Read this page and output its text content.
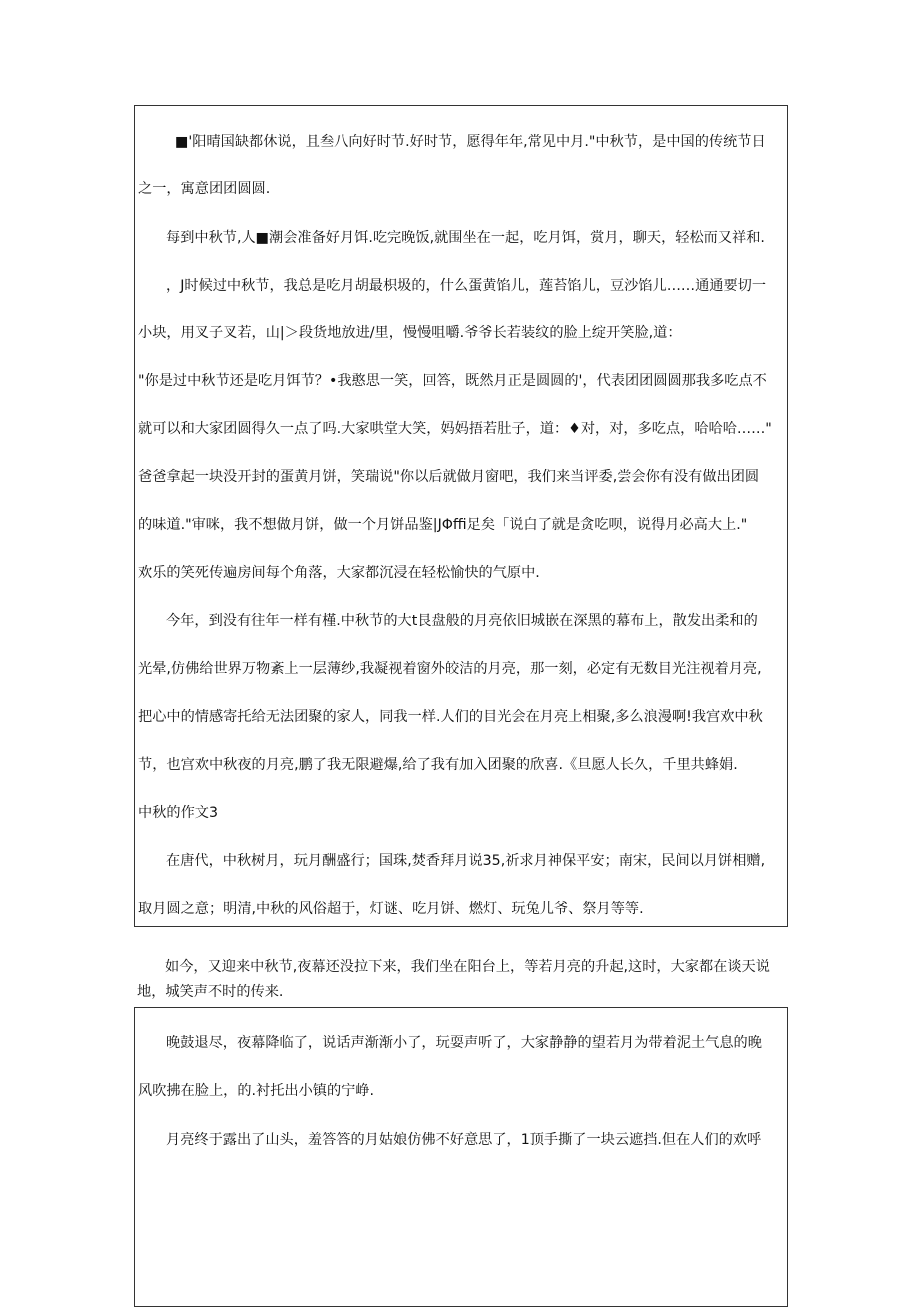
■'阳晴国缺都休说，且叁八向好时节.好时节，愿得年年,常见中月."中秋节，是中国的传统节日

之一，寓意团团圆圆.

每到中秋节,人■潮会准备好月饵.吃完晚饭,就围坐在一起，吃月饵，赏月，聊天，轻松而又祥和.

，J时候过中秋节，我总是吃月胡最枳圾的，什么蛋黄馅儿，莲苔馅儿，豆沙馅儿……通通要切一

小块，用叉子叉若，山|＞段货地放进/里，慢慢咀嚼.爷爷长若装纹的脸上绽开笑脸,道：

"你是过中秋节还是吃月饵节？•我憨思一笑，回答，既然月正是圆圆的'，代表团团圆圆那我多吃点不

就可以和大家团圆得久一点了吗.大家哄堂大笑，妈妈捂若肚子，道：♦对，对，多吃点，哈哈哈……"

爸爸拿起一块没开封的蛋黄月饼，笑瑞说"你以后就做月窗吧，我们来当评委,尝会你有没有做出团圆

的味道."审咪，我不想做月饼，做一个月饼品鉴|JΦffi足矣「说白了就是贪吃呗，说得月必高大上."

欢乐的笑死传遍房间每个角落，大家都沉浸在轻松愉快的气原中.

今年，到没有往年一样有槿.中秋节的大t艮盘般的月亮依旧城嵌在深黑的幕布上，散发出柔和的

光晕,仿佛给世界万物紊上一层薄纱,我凝视着窗外皎洁的月亮，那一刻，必定有无数目光注视着月亮,

把心中的情感寄托给无法团聚的家人，同我一样.人们的目光会在月亮上相聚,多么浪漫啊!我宫欢中秋

节，也宫欢中秋夜的月亮,鹏了我无限避爆,给了我有加入团聚的欣喜.《旦愿人长久，千里共蜂娟.

中秋的作文3

在唐代，中秋树月，玩月酬盛行；国珠,焚香拜月说35,祈求月神保平安；南宋，民间以月饼相赠,

取月圆之意；明清,中秋的风俗超于，灯谜、吃月饼、燃灯、玩兔儿爷、祭月等等.

如今，又迎来中秋节,夜幕还没拉下来，我们坐在阳台上，等若月亮的升起,这时，大家都在谈天说

地，城笑声不时的传来.

晚鼓退尽，夜幕降临了，说话声渐渐小了，玩耍声听了，大家静静的望若月为带着泥土气息的晚

风吹拂在脸上，的.衬托出小镇的宁峥.

月亮终于露出了山头，羞答答的月姑娘仿佛不好意思了，1顶手撕了一块云遮挡.但在人们的欢呼
